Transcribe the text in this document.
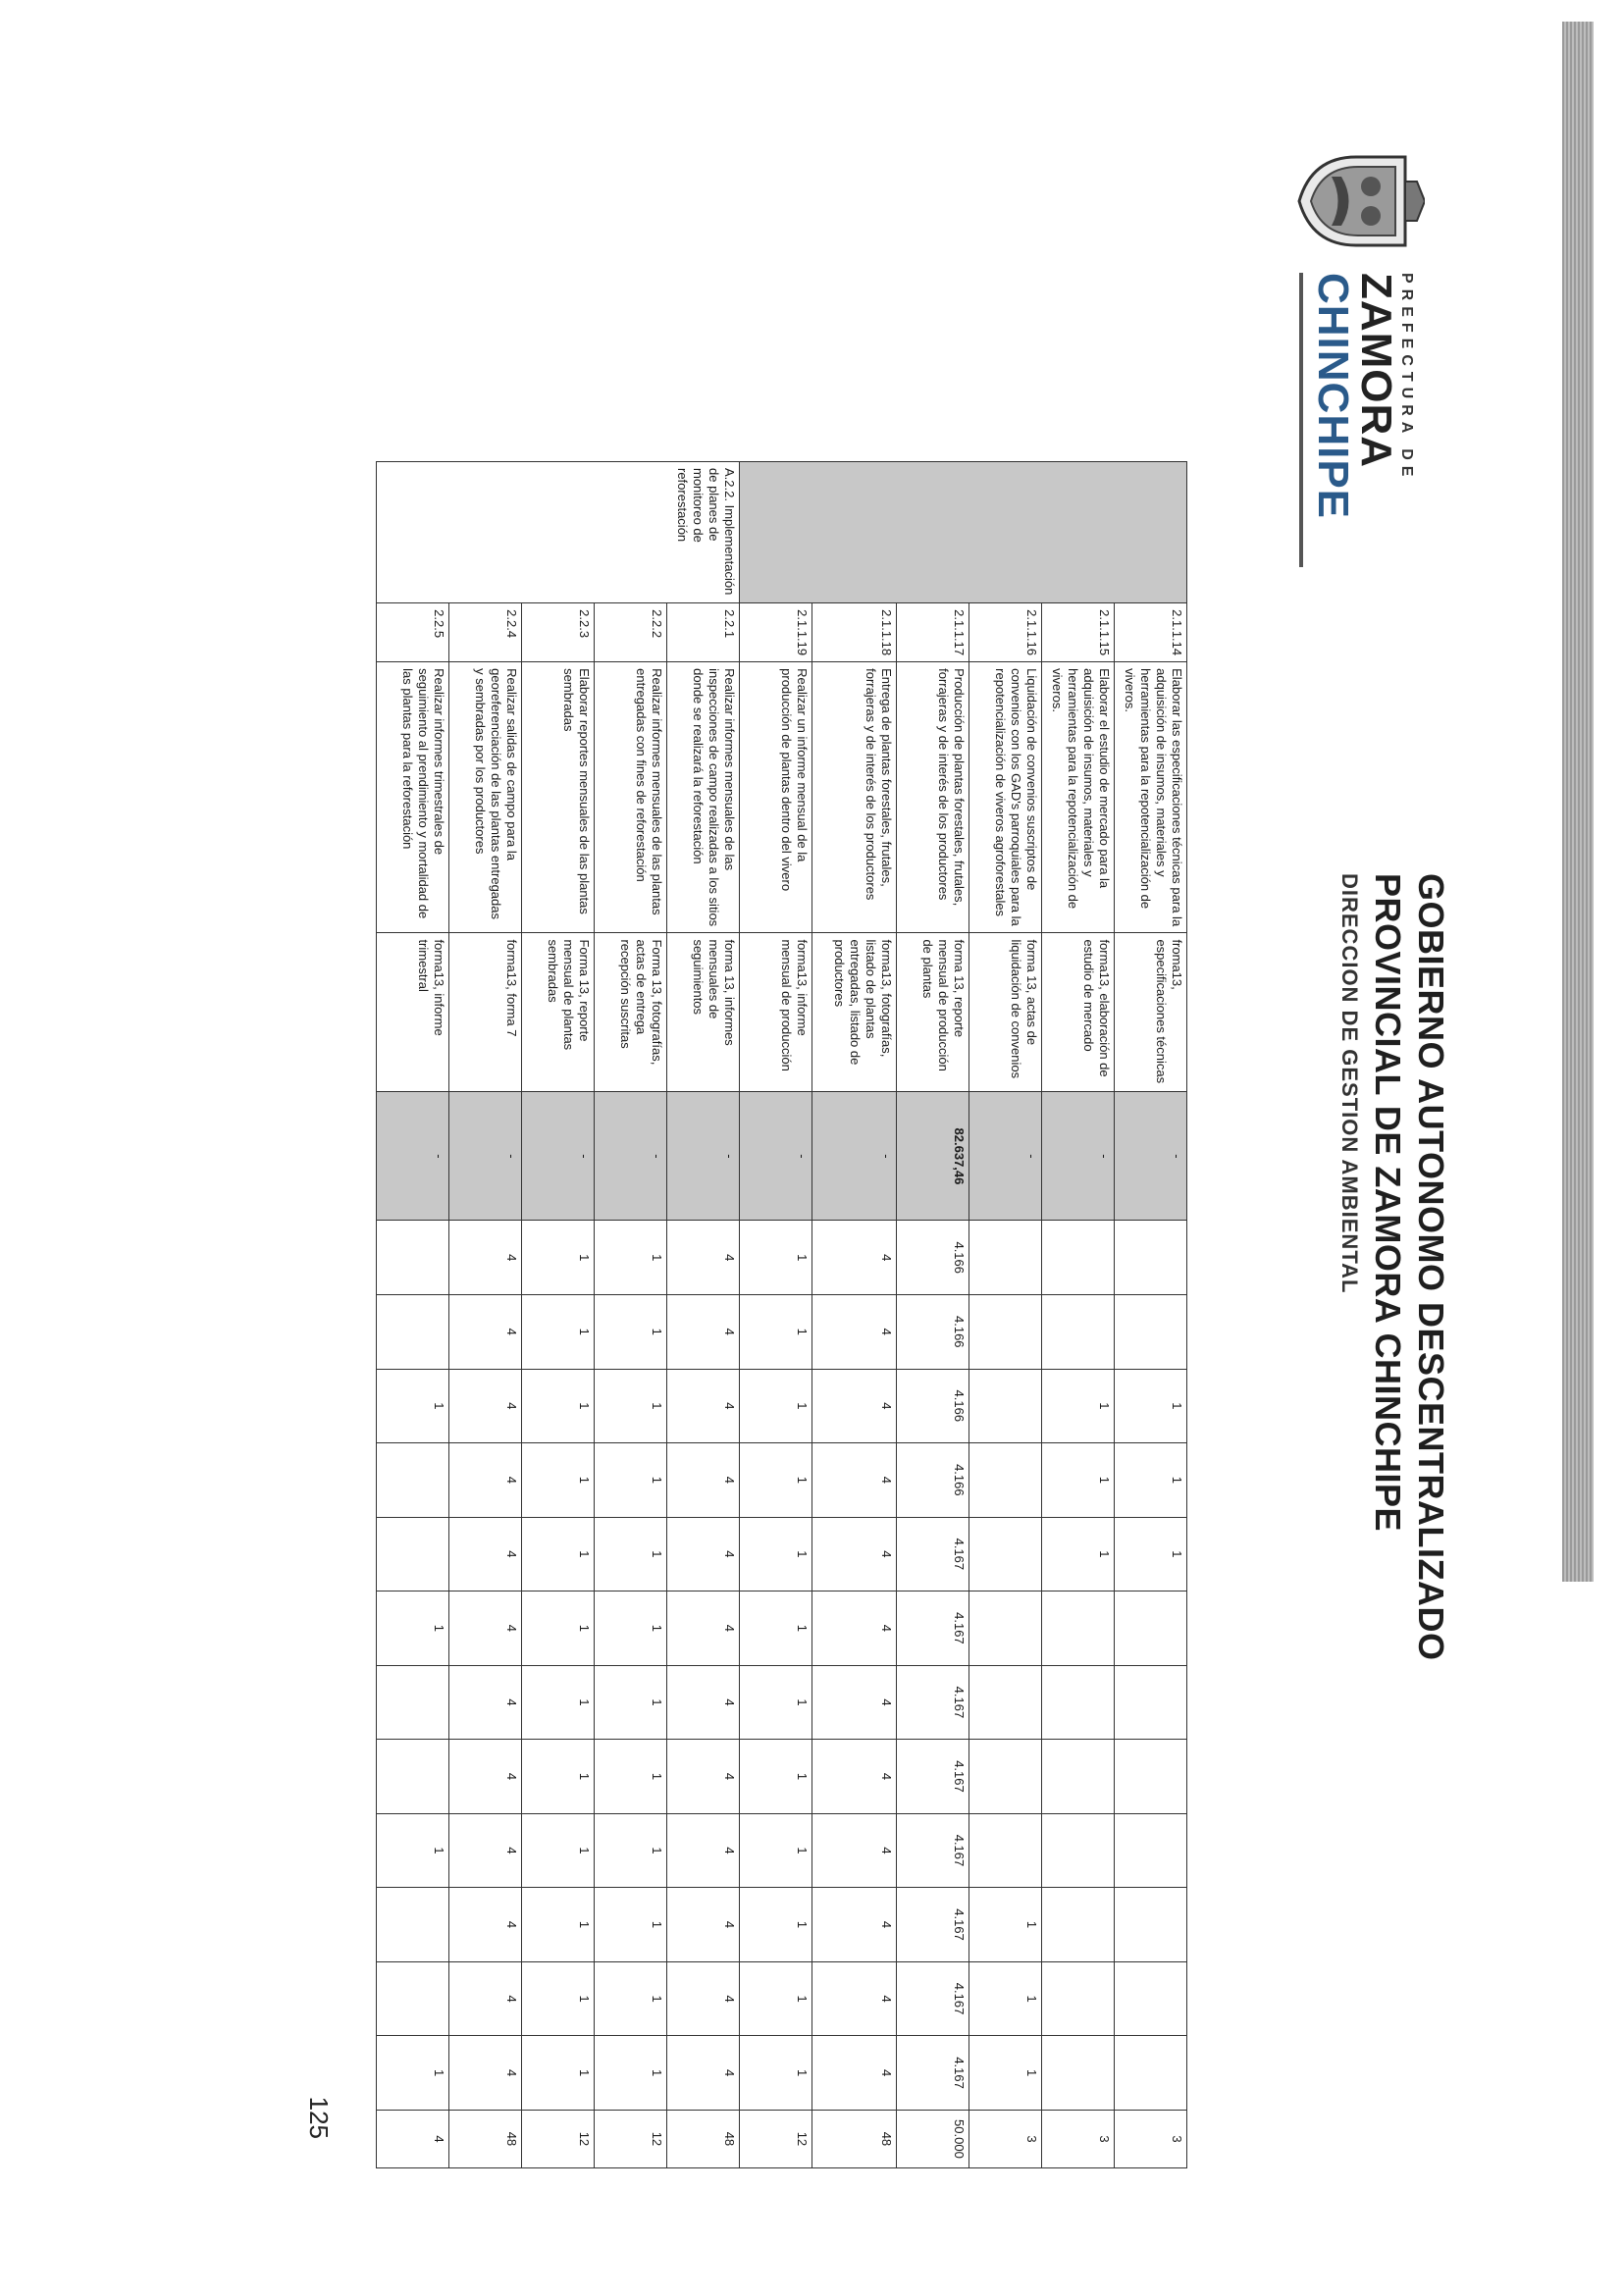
PREFECTURA DE
ZAMORA
CHINCHIPE
GOBIERNO AUTONOMO DESCENTRALIZADO
PROVINCIAL DE ZAMORA CHINCHIPE
DIRECCION DE GESTION AMBIENTAL
	2.1.1.14	Elaborar las especificaciones técnicas para la adquisición de insumos, materiales y herramientas para la repotencialización de viveros.	froma13, especificaciones técnicas	-			1	1	1								3
	2.1.1.15	Elaborar el estudio de mercado para la adquisición de insumos, materiales y herramientas para la repotencialización de viveros.	forma13, elaboración de estudio de mercado	-			1	1	1								3
	2.1.1.16	Liquidación de convenios suscriptos de convenios con los GAD's parroquiales para la repotencialización de viveros agroforestales	forma 13, actas de liquidación de convenios	-										1	1	1	3
	2.1.1.17	Producción de plantas forestales, frutales, forrajeras y de interés de los productores	forma 13, reporte mensual de producción de plantas	82.637,46	4.166	4.166	4.166	4.166	4.167	4.167	4.167	4.167	4.167	4.167	4.167	4.167	50.000
	2.1.1.18	Entrega de plantas forestales, frutales, forrajeras y de interés de los productores	forma13, fotografías, listado de plantas entregadas, listado de productores	-	4	4	4	4	4	4	4	4	4	4	4	4	48
	2.1.1.19	Realizar un informe mensual de la producción de plantas dentro del vivero	forma13, informe mensual de producción	-	1	1	1	1	1	1	1	1	1	1	1	1	12
A.2.2. Implementación de planes de monitoreo de reforestación	2.2.1	Realizar informes mensuales de las inspecciones de campo realizadas a los sitios donde se realizará la reforestación	forma 13, informes mensuales de seguimientos	-	4	4	4	4	4	4	4	4	4	4	4	4	48
	2.2.2	Realizar informes mensuales de las plantas entregadas con fines de reforestación	Forma 13, fotografías, actas de entrega recepción suscritas	-	1	1	1	1	1	1	1	1	1	1	1	1	12
	2.2.3	Elaborar reportes mensuales de las plantas sembradas	Forma 13, reporte mensual de plantas sembradas	-	1	1	1	1	1	1	1	1	1	1	1	1	12
	2.2.4	Realizar salidas de campo para la georeferenciación de las plantas entregadas y sembradas por los productores	forma13, forma 7	-	4	4	4	4	4	4	4	4	4	4	4	4	48
	2.2.5	Realizar informes trimestrales de seguimiento al prendimiento y mortalidad de las plantas para la reforestación	forma13, informe trimestral	-			1			1			1			1	4
125
